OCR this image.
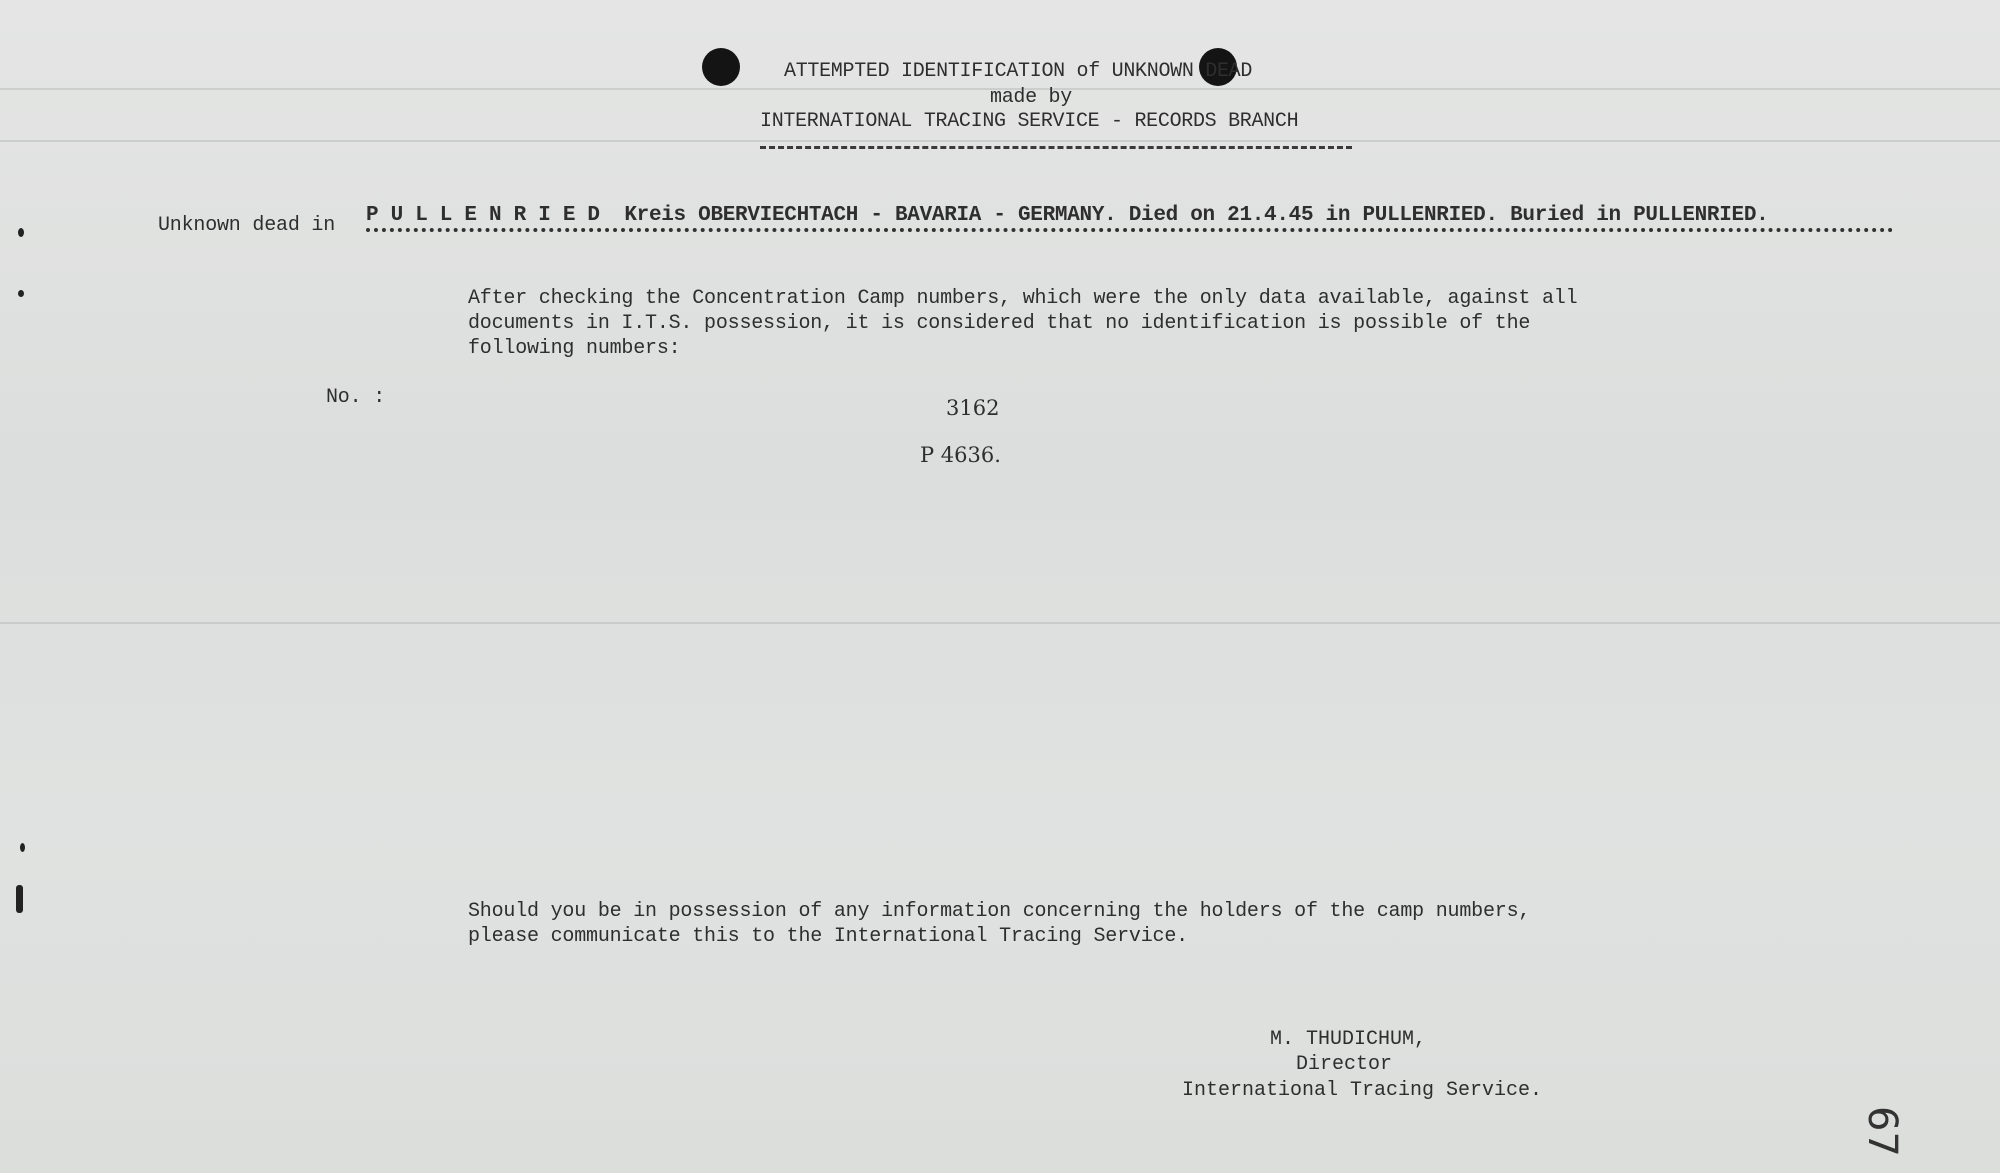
ATTEMPTED IDENTIFICATION of UNKNOWN DEAD
made by
INTERNATIONAL TRACING SERVICE - RECORDS BRANCH
Unknown dead in P U L L E N R I E D  Kreis OBERVIECHTACH - BAVARIA - GERMANY. Died on 21.4.45 in PULLENRIED. Buried in PULLENRIED.
After checking the Concentration Camp numbers, which were the only data available, against all
documents in I.T.S. possession, it is considered that no identification is possible of the
following numbers:
No. :	3162
P 4636.
Should you be in possession of any information concerning the holders of the camp numbers,
please communicate this to the International Tracing Service.
M. THUDICHUM,
Director
International Tracing Service.
67
